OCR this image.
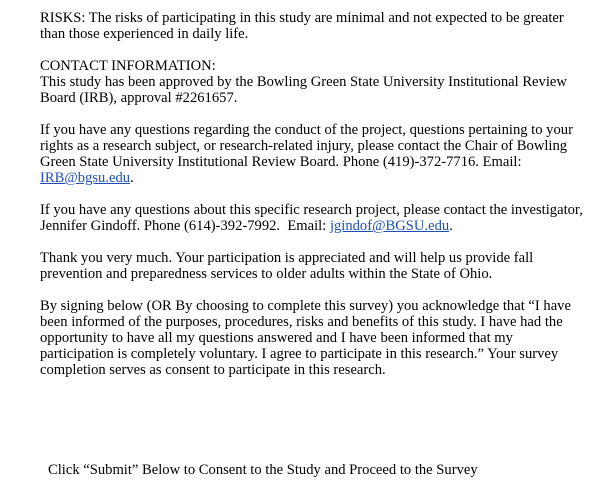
RISKS: The risks of participating in this study are minimal and not expected to be greater
than those experienced in daily life.

CONTACT INFORMATION:
This study has been approved by the Bowling Green State University Institutional Review
Board (IRB), approval #2261657.

If you have any questions regarding the conduct of the project, questions pertaining to your
rights as a research subject, or research-related injury, please contact the Chair of Bowling
Green State University Institutional Review Board. Phone (419)-372-7716. Email:
IRB@bgsu.edu.

If you have any questions about this specific research project, please contact the investigator,
Jennifer Gindoff. Phone (614)-392-7992.  Email: jgindof@BGSU.edu.

Thank you very much. Your participation is appreciated and will help us provide fall
prevention and preparedness services to older adults within the State of Ohio.

By signing below (OR By choosing to complete this survey) you acknowledge that “I have
been informed of the purposes, procedures, risks and benefits of this study. I have had the
opportunity to have all my questions answered and I have been informed that my
participation is completely voluntary. I agree to participate in this research.” Your survey
completion serves as consent to participate in this research.

Click “Submit” Below to Consent to the Study and Proceed to the Survey
